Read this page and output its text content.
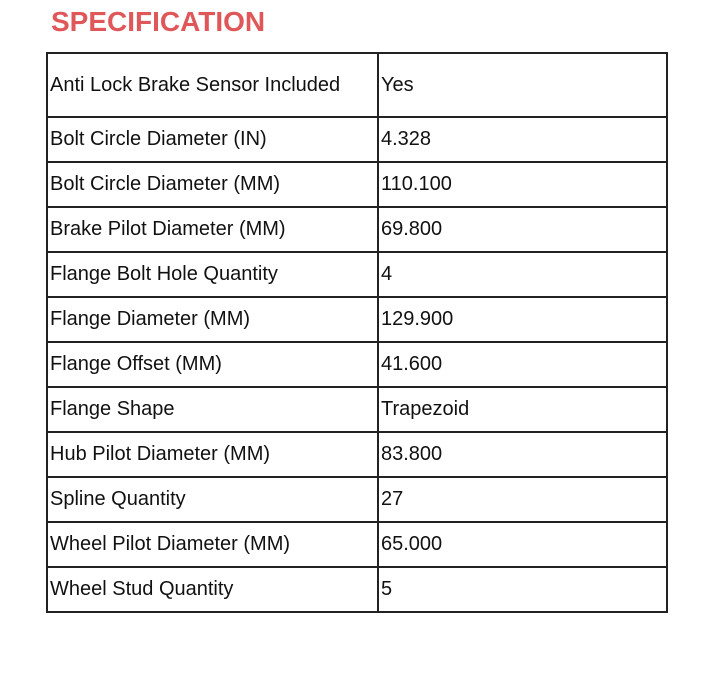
SPECIFICATION
Anti Lock Brake Sensor Included	Yes
Bolt Circle Diameter (IN)	4.328
Bolt Circle Diameter (MM)	110.100
Brake Pilot Diameter (MM)	69.800
Flange Bolt Hole Quantity	4
Flange Diameter (MM)	129.900
Flange Offset (MM)	41.600
Flange Shape	Trapezoid
Hub Pilot Diameter (MM)	83.800
Spline Quantity	27
Wheel Pilot Diameter (MM)	65.000
Wheel Stud Quantity	5
